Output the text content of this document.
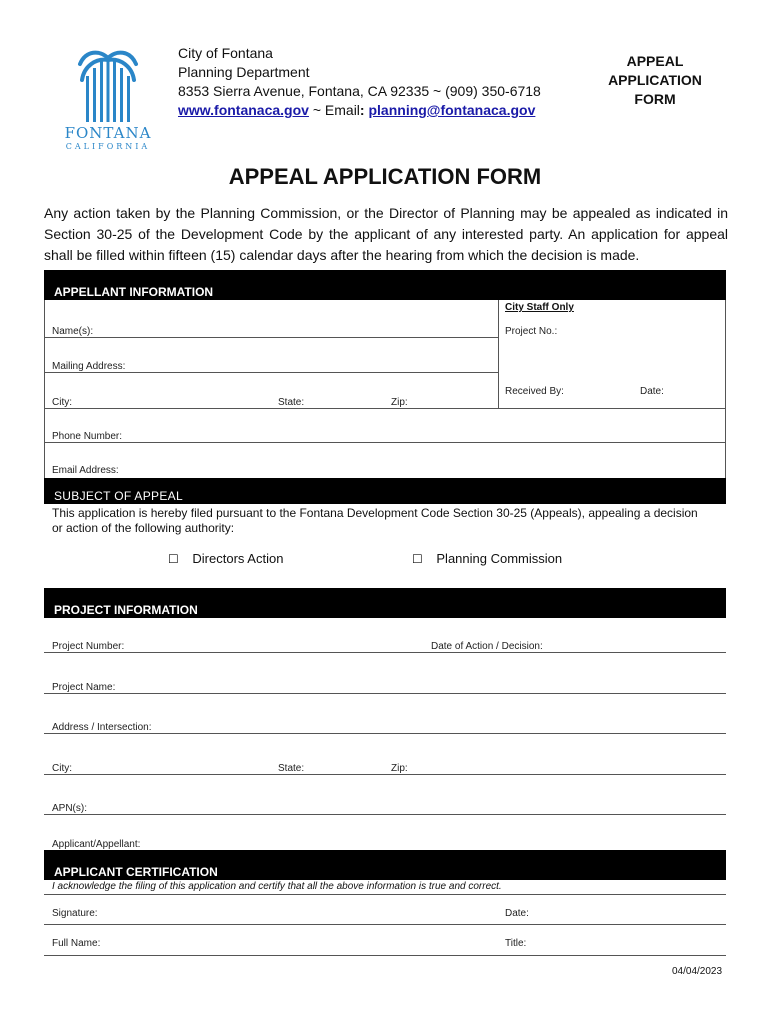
FONTANA
CALIFORNIA
City of Fontana
Planning Department
8353 Sierra Avenue, Fontana, CA 92335 ~ (909) 350-6718
www.fontanaca.gov ~ Email: planning@fontanaca.gov
APPEAL
APPLICATION
FORM
APPEAL APPLICATION FORM
Any action taken by the Planning Commission, or the Director of Planning may be appealed as indicated in Section 30-25 of the Development Code by the applicant of any interested party. An application for appeal shall be filled within fifteen (15) calendar days after the hearing from which the decision is made.
APPELLANT INFORMATION
City Staff Only
Project No.:
Received By:	Date:
Name(s):
Mailing Address:
City:	State:	Zip:
Phone Number:
Email Address:
SUBJECT OF APPEAL
This application is hereby filed pursuant to the Fontana Development Code Section 30-25 (Appeals), appealing a decision
or action of the following authority:
☐ Directors Action	☐ Planning Commission
PROJECT INFORMATION
Project Number:	Date of Action / Decision:
Project Name:
Address / Intersection:
City:	State:	Zip:
APN(s):
Applicant/Appellant:
APPLICANT CERTIFICATION
I acknowledge the filing of this application and certify that all the above information is true and correct.
Signature:	Date:
Full Name:	Title:
04/04/2023
